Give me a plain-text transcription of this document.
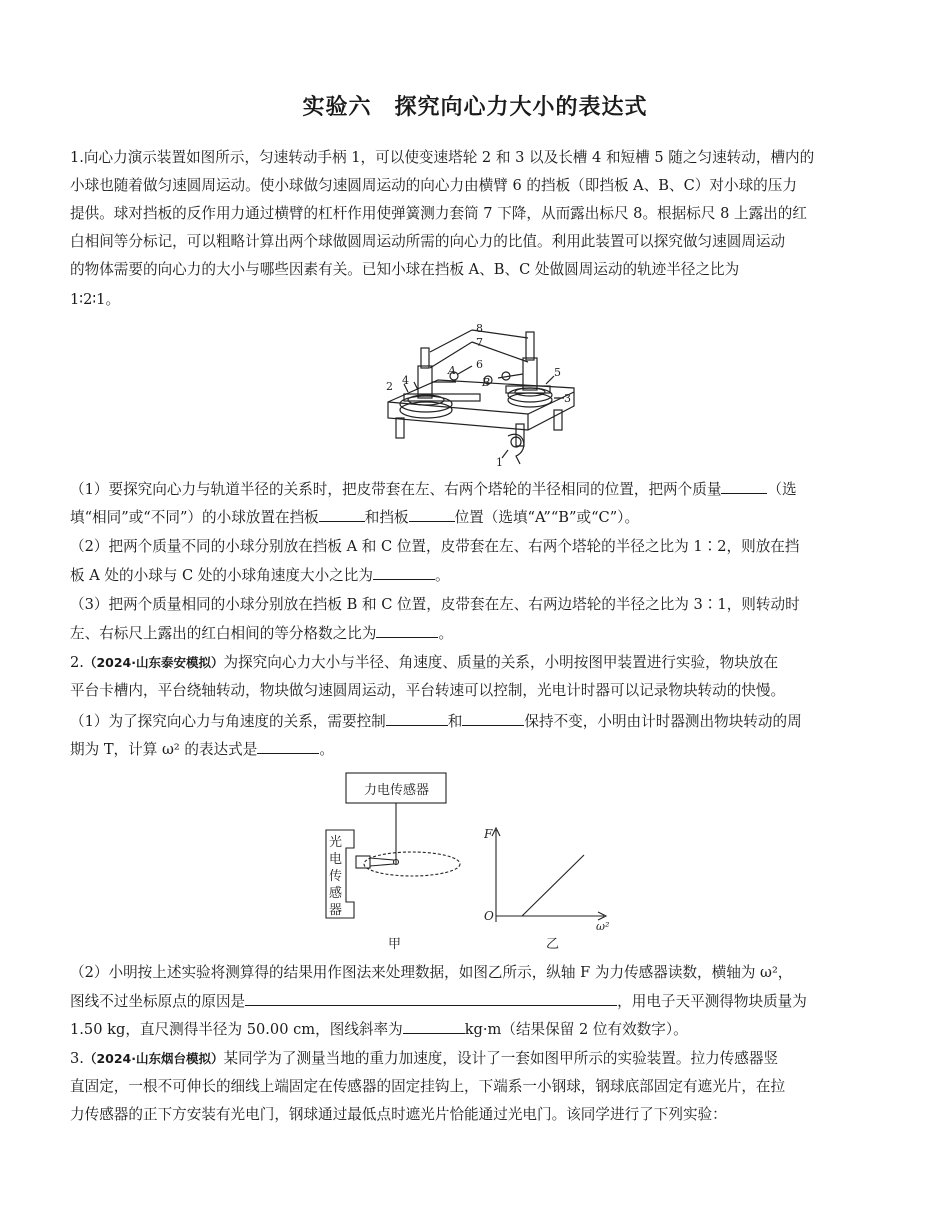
实验六　探究向心力大小的表达式
1.向心力演示装置如图所示，匀速转动手柄 1，可以使变速塔轮 2 和 3 以及长槽 4 和短槽 5 随之匀速转动，槽内的
小球也随着做匀速圆周运动。使小球做匀速圆周运动的向心力由横臂 6 的挡板（即挡板 A、B、C）对小球的压力
提供。球对挡板的反作用力通过横臂的杠杆作用使弹簧测力套筒 7 下降，从而露出标尺 8。根据标尺 8 上露出的红
白相间等分标记，可以粗略计算出两个球做圆周运动所需的向心力的比值。利用此装置可以探究做匀速圆周运动
的物体需要的向心力的大小与哪些因素有关。已知小球在挡板 A、B、C 处做圆周运动的轨迹半径之比为
1∶2∶1。
8
7
6
A
B
2 4
5
3
1
（1）要探究向心力与轨道半径的关系时，把皮带套在左、右两个塔轮的半径相同的位置，把两个质量	（选
填“相同”或“不同”）的小球放置在挡板	和挡板	位置（选填“A”“B”或“C”）。
（2）把两个质量不同的小球分别放在挡板 A 和 C 位置，皮带套在左、右两个塔轮的半径之比为 1∶2，则放在挡
板 A 处的小球与 C 处的小球角速度大小之比为	。
（3）把两个质量相同的小球分别放在挡板 B 和 C 位置，皮带套在左、右两边塔轮的半径之比为 3∶1，则转动时
左、右标尺上露出的红白相间的等分格数之比为	。
2.（2024·山东泰安模拟）为探究向心力大小与半径、角速度、质量的关系，小明按图甲装置进行实验，物块放在
平台卡槽内，平台绕轴转动，物块做匀速圆周运动，平台转速可以控制，光电计时器可以记录物块转动的快慢。
（1）为了探究向心力与角速度的关系，需要控制	和	保持不变，小明由计时器测出物块转动的周
期为 T，计算 ω² 的表达式是	。
力电传感器
光
电
传
感
器
甲	乙
F
O
ω²
（2）小明按上述实验将测算得的结果用作图法来处理数据，如图乙所示，纵轴 F 为力传感器读数，横轴为 ω²，
图线不过坐标原点的原因是	，用电子天平测得物块质量为
1.50 kg，直尺测得半径为 50.00 cm，图线斜率为	kg·m（结果保留 2 位有效数字）。
3.（2024·山东烟台模拟）某同学为了测量当地的重力加速度，设计了一套如图甲所示的实验装置。拉力传感器竖
直固定，一根不可伸长的细线上端固定在传感器的固定挂钩上，下端系一小钢球，钢球底部固定有遮光片，在拉
力传感器的正下方安装有光电门，钢球通过最低点时遮光片恰能通过光电门。该同学进行了下列实验：
